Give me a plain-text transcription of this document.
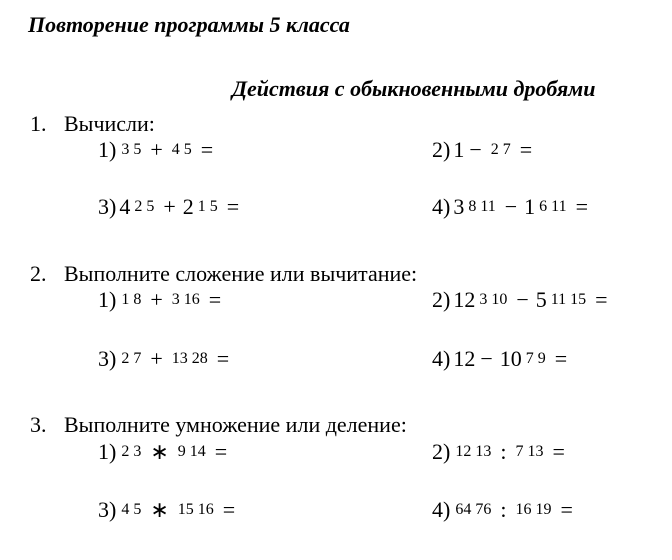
Повторение программы 5 класса
Действия с обыкновенными дробями
1. Вычисли:
1) 3 5 + 4 5 =	2) 1 − 2 7 =
3) 4 2 5 + 2 1 5 =	4) 3 8 11 − 1 6 11 =
2. Выполните сложение или вычитание:
1) 1 8 + 3 16 =	2) 12 3 10 − 5 11 15 =
3) 2 7 + 13 28 =	4) 12 − 10 7 9 =
3. Выполните умножение или деление:
1) 2 3 ∗ 9 14 =	2) 12 13 : 7 13 =
3) 4 5 ∗ 15 16 =	4) 64 76 : 16 19 =
